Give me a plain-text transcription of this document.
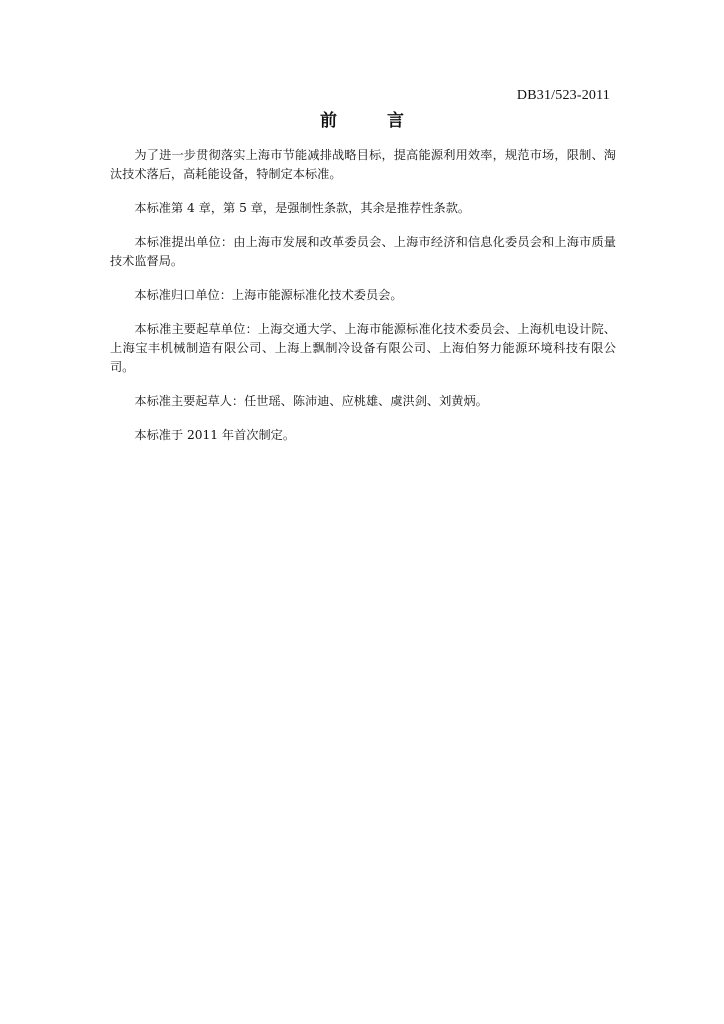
DB31/523-2011
前 言

为了进一步贯彻落实上海市节能减排战略目标，提高能源利用效率，规范市场，限制、淘汰技术落后，高耗能设备，特制定本标准。

本标准第 4 章，第 5 章，是强制性条款，其余是推荐性条款。

本标准提出单位：由上海市发展和改革委员会、上海市经济和信息化委员会和上海市质量技术监督局。

本标准归口单位：上海市能源标准化技术委员会。

本标准主要起草单位：上海交通大学、上海市能源标准化技术委员会、上海机电设计院、上海宝丰机械制造有限公司、上海上飘制冷设备有限公司、上海伯努力能源环境科技有限公司。

本标准主要起草人：任世瑶、陈沛迪、应桃雄、虞洪剑、刘黄炳。

本标准于 2011 年首次制定。
